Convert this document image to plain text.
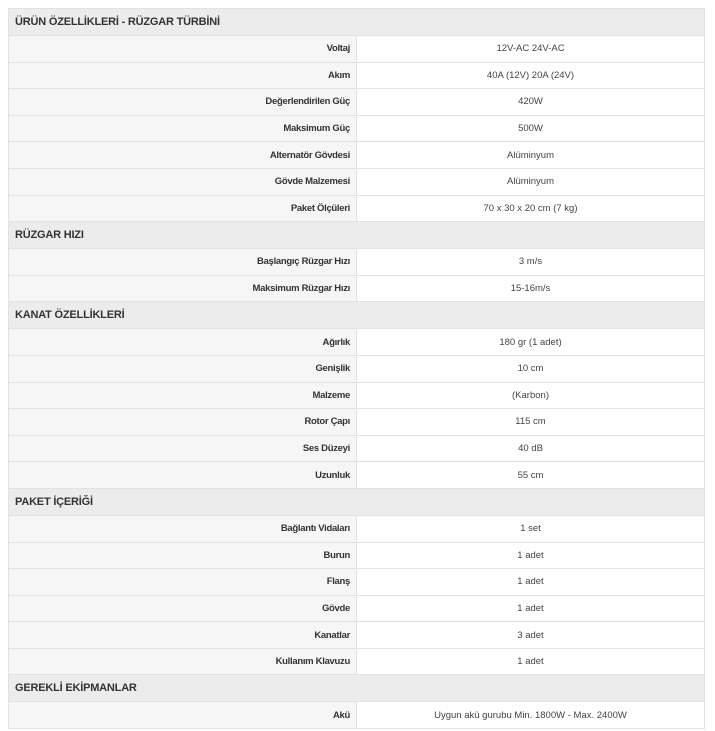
ÜRÜN ÖZELLİKLERİ - RÜZGAR TÜRBİNİ	
Voltaj	12V-AC 24V-AC
Akım	40A (12V) 20A (24V)
Değerlendirilen Güç	420W
Maksimum Güç	500W
Alternatör Gövdesi	Alüminyum
Gövde Malzemesi	Alüminyum
Paket Ölçüleri	70 x 30 x 20 cm (7 kg)
RÜZGAR HIZI	
Başlangıç Rüzgar Hızı	3 m/s
Maksimum Rüzgar Hızı	15-16m/s
KANAT ÖZELLİKLERİ	
Ağırlık	180 gr (1 adet)
Genişlik	10 cm
Malzeme	(Karbon)
Rotor Çapı	115 cm
Ses Düzeyi	40 dB
Uzunluk	55 cm
PAKET İÇERİĞİ	
Bağlantı Vidaları	1 set
Burun	1 adet
Flanş	1 adet
Gövde	1 adet
Kanatlar	3 adet
Kullanım Klavuzu	1 adet
GEREKLİ EKİPMANLAR	
Akü	Uygun akü gurubu Min. 1800W - Max. 2400W
